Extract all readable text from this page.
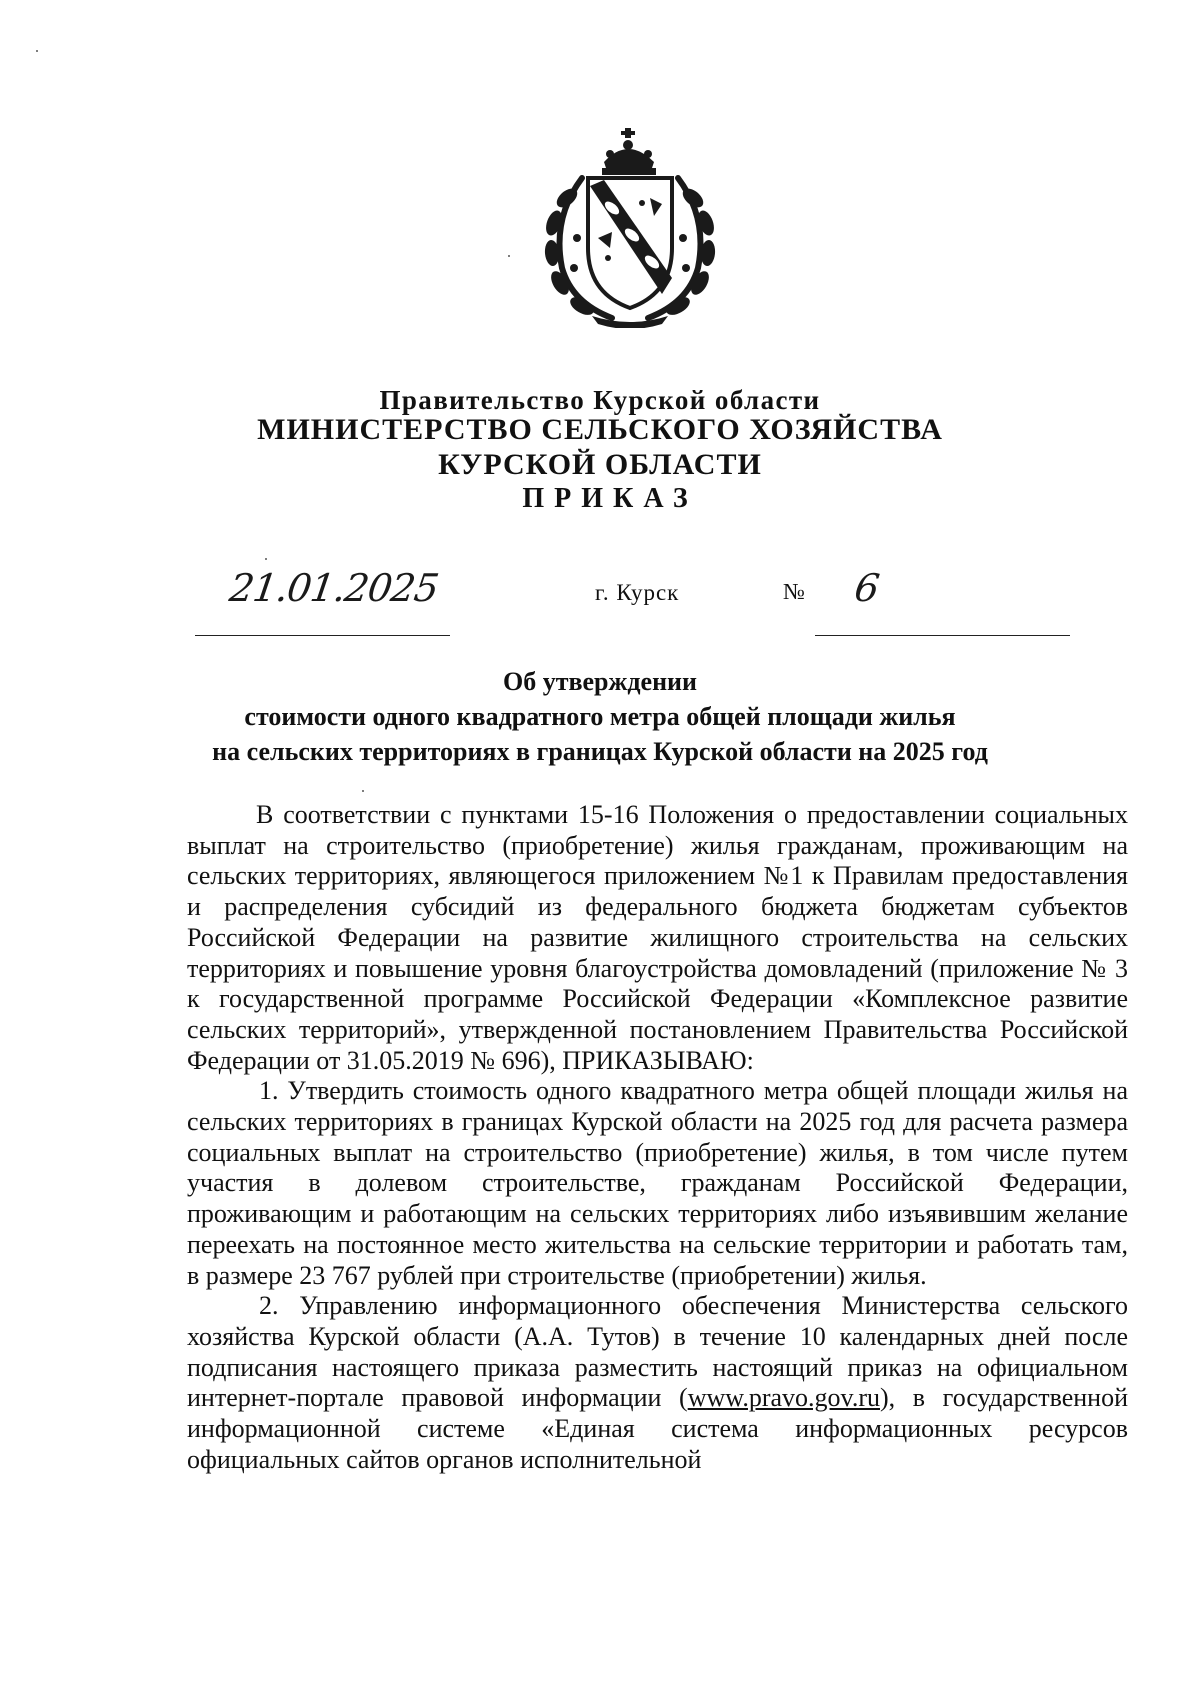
Правительство Курской области
МИНИСТЕРСТВО СЕЛЬСКОГО ХОЗЯЙСТВА
КУРСКОЙ ОБЛАСТИ
ПРИКАЗ
21.01.2025	г. Курск	№ 6
Об утверждении
стоимости одного квадратного метра общей площади жилья
на сельских территориях в границах Курской области на 2025 год

В соответствии с пунктами 15-16 Положения о предоставлении социальных выплат на строительство (приобретение) жилья гражданам, проживающим на сельских территориях, являющегося приложением №1 к Правилам предоставления и распределения субсидий из федерального бюджета бюджетам субъектов Российской Федерации на развитие жилищного строительства на сельских территориях и повышение уровня благоустройства домовладений (приложение № 3 к государственной программе Российской Федерации «Комплексное развитие сельских территорий», утвержденной постановлением Правительства Российской Федерации от 31.05.2019 № 696), ПРИКАЗЫВАЮ:

1. Утвердить стоимость одного квадратного метра общей площади жилья на сельских территориях в границах Курской области на 2025 год для расчета размера социальных выплат на строительство (приобретение) жилья, в том числе путем участия в долевом строительстве, гражданам Российской Федерации, проживающим и работающим на сельских территориях либо изъявившим желание переехать на постоянное место жительства на сельские территории и работать там, в размере 23 767 рублей при строительстве (приобретении) жилья.

2. Управлению информационного обеспечения Министерства сельского хозяйства Курской области (А.А. Тутов) в течение 10 календарных дней после подписания настоящего приказа разместить настоящий приказ на официальном интернет-портале правовой информации (www.pravo.gov.ru), в государственной информационной системе «Единая система информационных ресурсов официальных сайтов органов исполнительной
